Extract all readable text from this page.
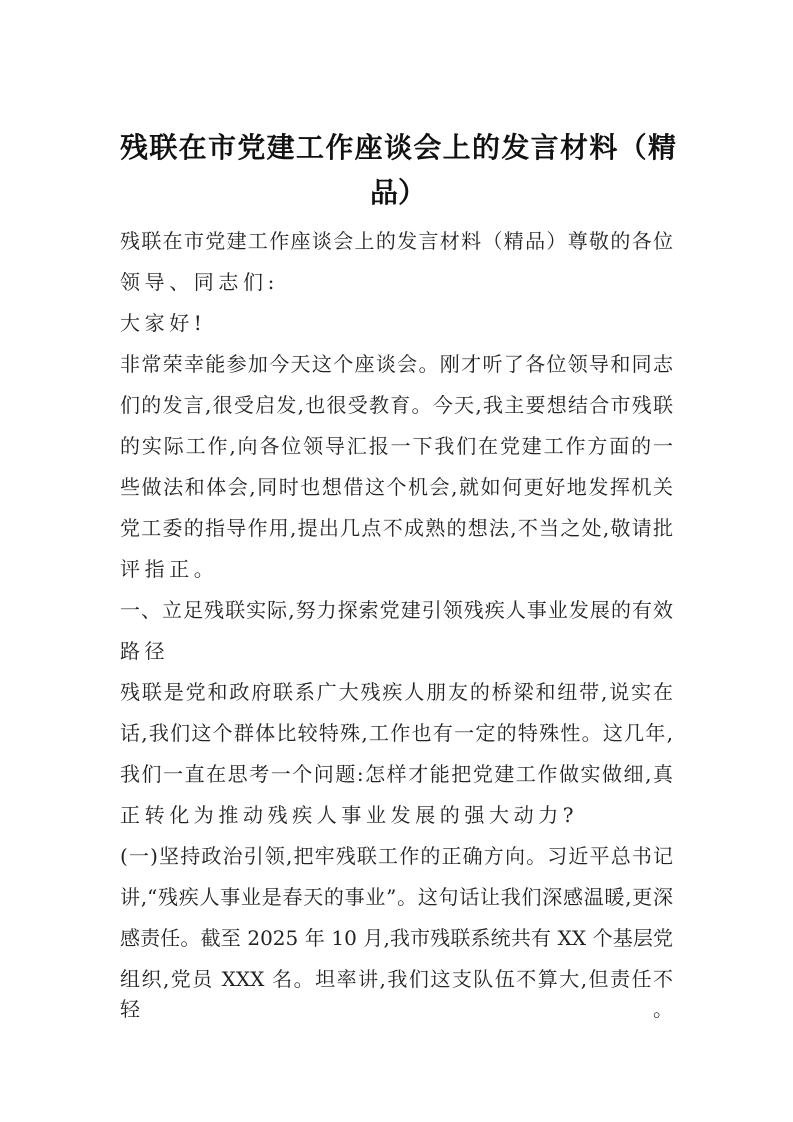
残联在市党建工作座谈会上的发言材料（精
品）
残联在市党建工作座谈会上的发言材料（精品）尊敬的各位
领导、同志们:
大家好!
非常荣幸能参加今天这个座谈会。刚才听了各位领导和同志
们的发言,很受启发,也很受教育。今天,我主要想结合市残联
的实际工作,向各位领导汇报一下我们在党建工作方面的一
些做法和体会,同时也想借这个机会,就如何更好地发挥机关
党工委的指导作用,提出几点不成熟的想法,不当之处,敬请批
评指正。
一、立足残联实际,努力探索党建引领残疾人事业发展的有效
路径
残联是党和政府联系广大残疾人朋友的桥梁和纽带,说实在
话,我们这个群体比较特殊,工作也有一定的特殊性。这几年,
我们一直在思考一个问题:怎样才能把党建工作做实做细,真
正转化为推动残疾人事业发展的强大动力?
(一)坚持政治引领,把牢残联工作的正确方向。习近平总书记
讲,“残疾人事业是春天的事业”。这句话让我们深感温暖,更深
感责任。截至 2025 年 10 月,我市残联系统共有 XX 个基层党
组织,党员 XXX 名。坦率讲,我们这支队伍不算大,但责任不轻。
